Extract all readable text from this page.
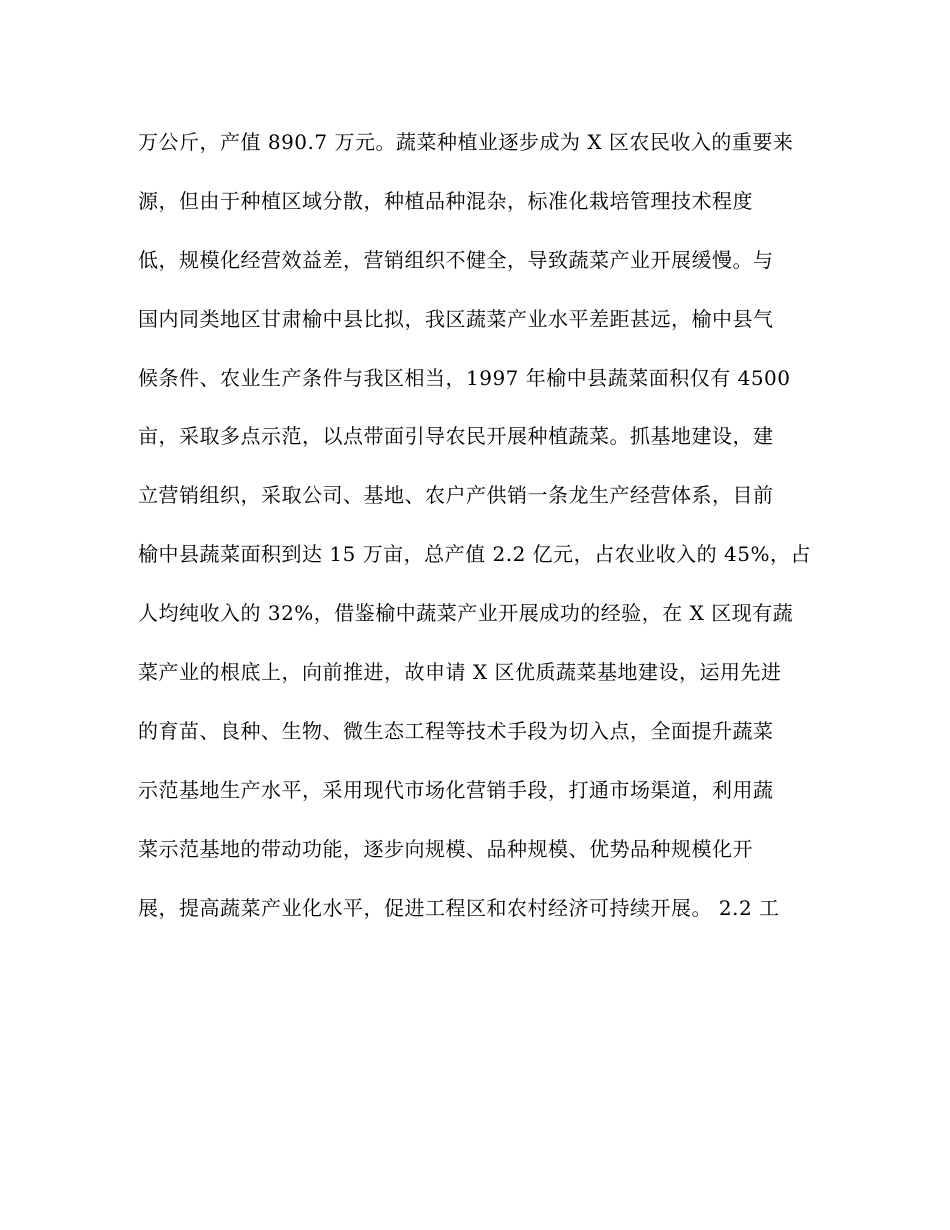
万公斤，产值 890.7 万元。蔬菜种植业逐步成为 X 区农民收入的重要来
源，但由于种植区域分散，种植品种混杂，标准化栽培管理技术程度
低，规模化经营效益差，营销组织不健全，导致蔬菜产业开展缓慢。与
国内同类地区甘肃榆中县比拟，我区蔬菜产业水平差距甚远，榆中县气
候条件、农业生产条件与我区相当，1997 年榆中县蔬菜面积仅有 4500
亩，采取多点示范，以点带面引导农民开展种植蔬菜。抓基地建设，建
立营销组织，采取公司、基地、农户产供销一条龙生产经营体系，目前
榆中县蔬菜面积到达 15 万亩，总产值 2.2 亿元，占农业收入的 45%，占
人均纯收入的 32%，借鉴榆中蔬菜产业开展成功的经验，在 X 区现有蔬
菜产业的根底上，向前推进，故申请 X 区优质蔬菜基地建设，运用先进
的育苗、良种、生物、微生态工程等技术手段为切入点，全面提升蔬菜
示范基地生产水平，采用现代市场化营销手段，打通市场渠道，利用蔬
菜示范基地的带动功能，逐步向规模、品种规模、优势品种规模化开
展，提高蔬菜产业化水平，促进工程区和农村经济可持续开展。 2.2 工
